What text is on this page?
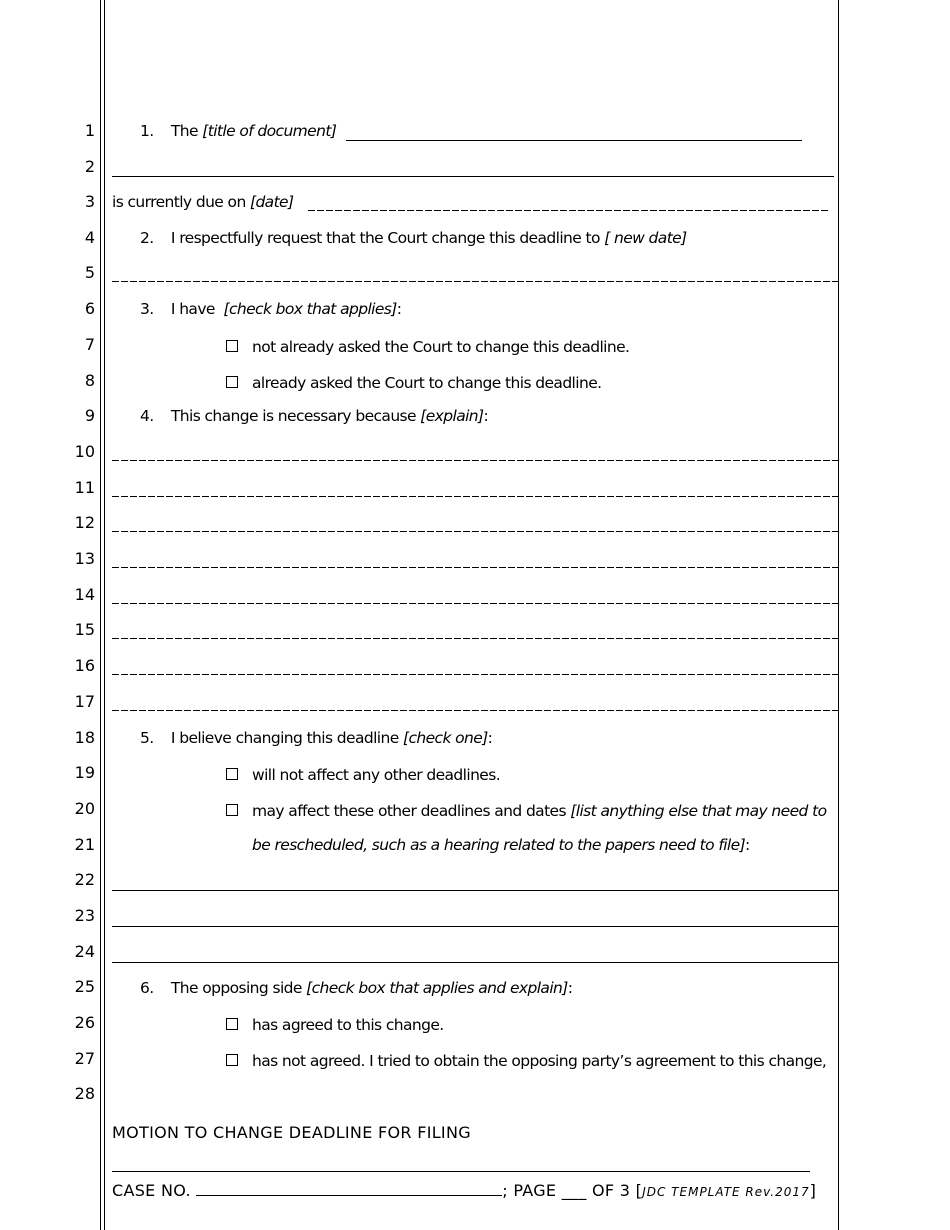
1
2
3
4
5
6
7
8
9
10
11
12
13
14
15
16
17
18
19
20
21
22
23
24
25
26
27
28
1. The [title of document]
is currently due on [date]
2. I respectfully request that the Court change this deadline to [ new date]
3. I have [check box that applies]:
not already asked the Court to change this deadline.
already asked the Court to change this deadline.
4. This change is necessary because [explain]:
5. I believe changing this deadline [check one]:
will not affect any other deadlines.
may affect these other deadlines and dates [list anything else that may need to
be rescheduled, such as a hearing related to the papers need to file]:
6. The opposing side [check box that applies and explain]:
has agreed to this change.
has not agreed. I tried to obtain the opposing party’s agreement to this change,
MOTION TO CHANGE DEADLINE FOR FILING
CASE NO.	; PAGE ___ OF 3 [JDC TEMPLATE Rev.2017]
